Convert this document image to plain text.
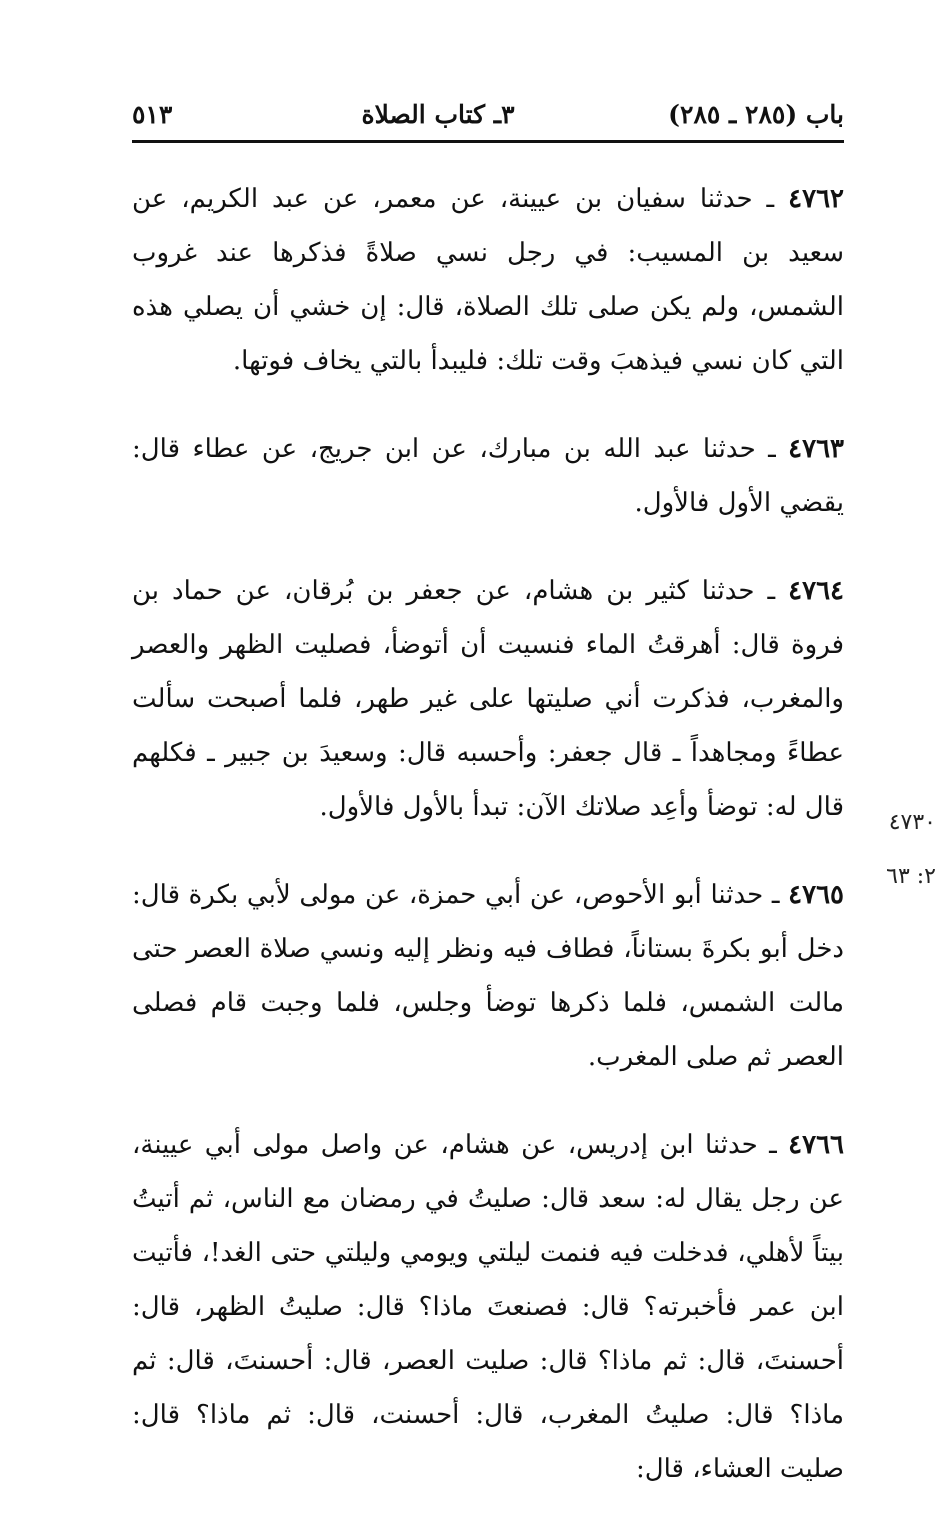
باب (٢٨٥ ـ ٢٨٥)
٣ـ كتاب الصلاة
٥١٣

٤٧٦٢ ـ حدثنا سفيان بن عيينة، عن معمر، عن عبد الكريم، عن سعيد بن المسيب: في رجل نسي صلاةً فذكرها عند غروب الشمس، ولم يكن صلى تلك الصلاة، قال: إن خشي أن يصلي هذه التي كان نسي فيذهبَ وقت تلك: فليبدأ بالتي يخاف فوتها.

٤٧٦٣ ـ حدثنا عبد الله بن مبارك، عن ابن جريج، عن عطاء قال: يقضي الأول فالأول.

٤٧٦٤ ـ حدثنا كثير بن هشام، عن جعفر بن بُرقان، عن حماد بن فروة قال: أهرقتُ الماء فنسيت أن أتوضأ، فصليت الظهر والعصر والمغرب، فذكرت أني صليتها على غير طهر، فلما أصبحت سألت عطاءً ومجاهداً ـ قال جعفر: وأحسبه قال: وسعيدَ بن جبير ـ فكلهم قال له: توضأ وأعِد صلاتك الآن: تبدأ بالأول فالأول.

٤٧٦٥ ـ حدثنا أبو الأحوص، عن أبي حمزة، عن مولى لأبي بكرة قال: دخل أبو بكرةَ بستاناً، فطاف فيه ونظر إليه ونسي صلاة العصر حتى مالت الشمس، فلما ذكرها توضأ وجلس، فلما وجبت قام فصلى العصر ثم صلى المغرب.

٤٧٦٦ ـ حدثنا ابن إدريس، عن هشام، عن واصل مولى أبي عيينة، عن رجل يقال له: سعد قال: صليتُ في رمضان مع الناس، ثم أتيتُ بيتاً لأهلي، فدخلت فيه فنمت ليلتي ويومي وليلتي حتى الغد!، فأتيت ابن عمر فأخبرته؟ قال: فصنعتَ ماذا؟ قال: صليتُ الظهر، قال: أحسنتَ، قال: ثم ماذا؟ قال: صليت العصر، قال: أحسنتَ، قال: ثم ماذا؟ قال: صليتُ المغرب، قال: أحسنت، قال: ثم ماذا؟ قال: صليت العشاء، قال:

٤٧٣٠
٢: ٦٣
